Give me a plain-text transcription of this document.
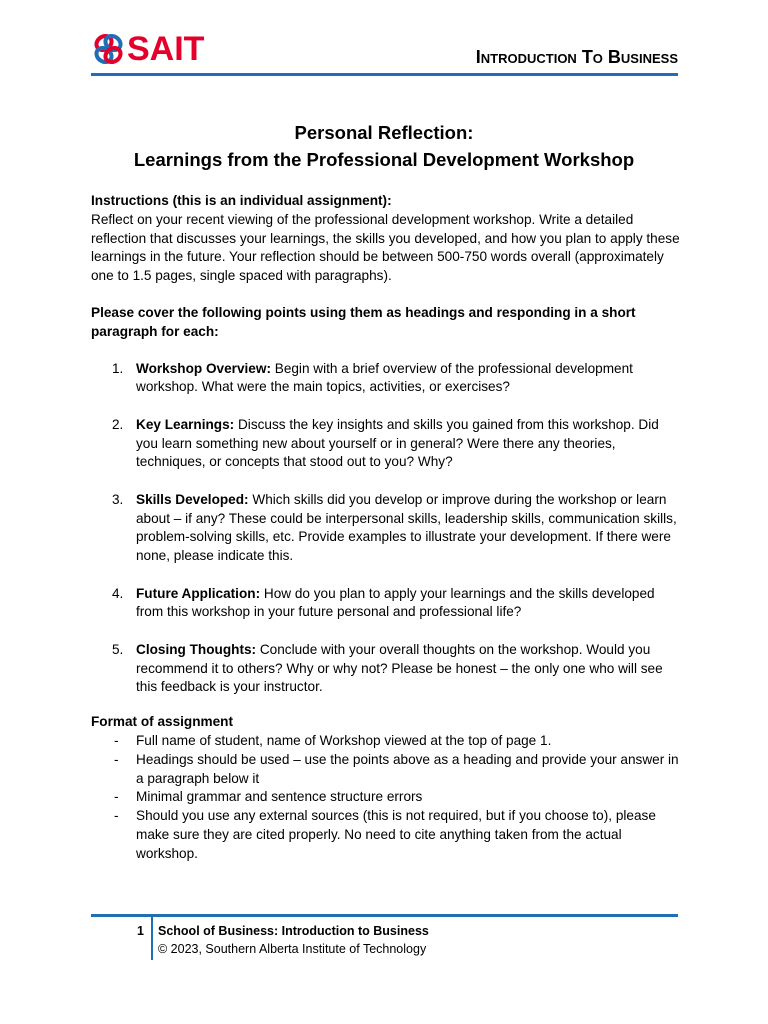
SAIT	Introduction To Business
Personal Reflection:
Learnings from the Professional Development Workshop

Instructions (this is an individual assignment):

Reflect on your recent viewing of the professional development workshop. Write a detailed reflection that discusses your learnings, the skills you developed, and how you plan to apply these learnings in the future. Your reflection should be between 500-750 words overall (approximately one to 1.5 pages, single spaced with paragraphs).

Please cover the following points using them as headings and responding in a short paragraph for each:

1. Workshop Overview: Begin with a brief overview of the professional development workshop. What were the main topics, activities, or exercises?
2. Key Learnings: Discuss the key insights and skills you gained from this workshop. Did you learn something new about yourself or in general? Were there any theories, techniques, or concepts that stood out to you? Why?
3. Skills Developed: Which skills did you develop or improve during the workshop or learn about – if any? These could be interpersonal skills, leadership skills, communication skills, problem-solving skills, etc. Provide examples to illustrate your development. If there were none, please indicate this.
4. Future Application: How do you plan to apply your learnings and the skills developed from this workshop in your future personal and professional life?
5. Closing Thoughts: Conclude with your overall thoughts on the workshop. Would you recommend it to others? Why or why not? Please be honest – the only one who will see this feedback is your instructor.

Format of assignment

- Full name of student, name of Workshop viewed at the top of page 1.
- Headings should be used – use the points above as a heading and provide your answer in a paragraph below it
- Minimal grammar and sentence structure errors
- Should you use any external sources (this is not required, but if you choose to), please make sure they are cited properly. No need to cite anything taken from the actual workshop.
1 School of Business: Introduction to Business
© 2023, Southern Alberta Institute of Technology
